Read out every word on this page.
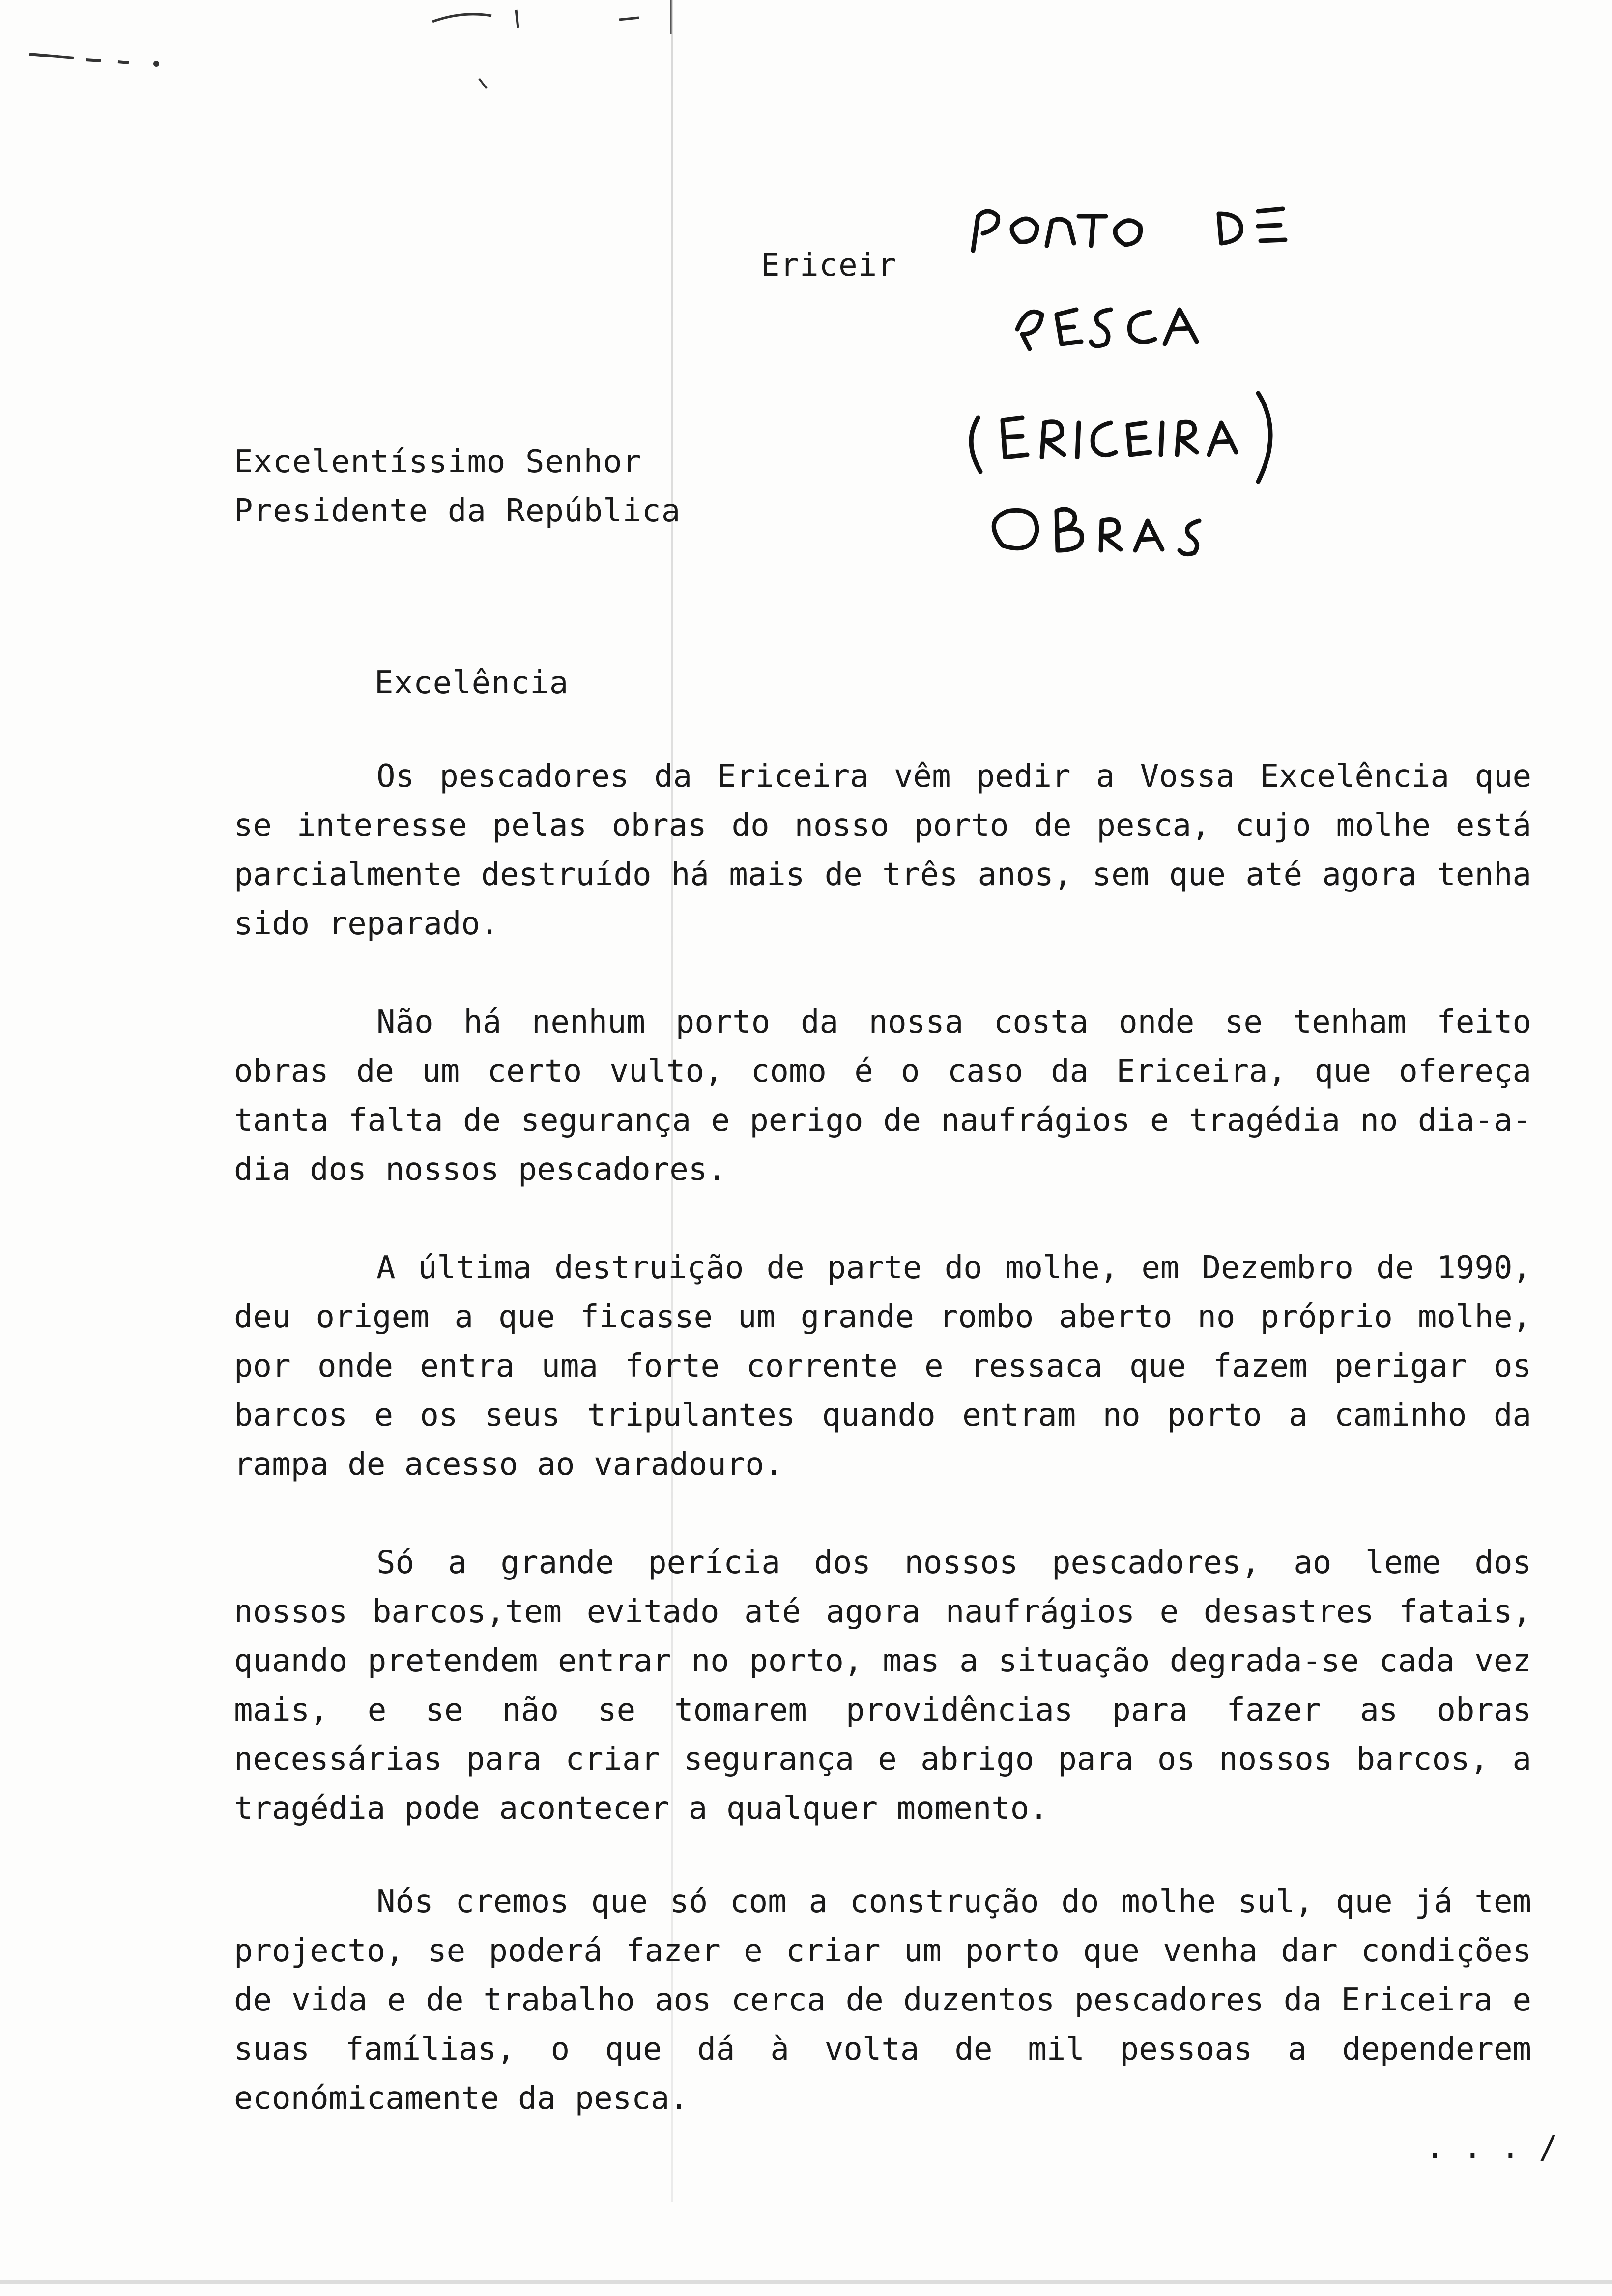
Ericeir
Excelentíssimo Senhor
Presidente da República
Excelência
Os pescadores da Ericeira vêm pedir a Vossa Excelência que se interesse pelas obras do nosso porto de pesca, cujo molhe está parcialmente destruído há mais de três anos, sem que até agora tenha sido reparado.
Não há nenhum porto da nossa costa onde se tenham feito obras de um certo vulto, como é o caso da Ericeira, que ofereça tanta falta de segurança e perigo de naufrágios e tragédia no dia-a-dia dos nossos pescadores.
A última destruição de parte do molhe, em Dezembro de 1990, deu origem a que ficasse um grande rombo aberto no próprio molhe, por onde entra uma forte corrente e ressaca que fazem perigar os barcos e os seus tripulantes quando entram no porto a caminho da rampa de acesso ao varadouro.
Só a grande perícia dos nossos pescadores, ao leme dos nossos barcos,tem evitado até agora naufrágios e desastres fatais, quando pretendem entrar no porto, mas a situação degrada-se cada vez mais, e se não se tomarem providências para fazer as obras necessárias para criar segurança e abrigo para os nossos barcos, a tragédia pode acontecer a qualquer momento.
Nós cremos que só com a construção do molhe sul, que já tem projecto, se poderá fazer e criar um porto que venha dar condições de vida e de trabalho aos cerca de duzentos pescadores da Ericeira e suas famílias, o que dá à volta de mil pessoas a dependerem económicamente da pesca.
. . . /
PORTO DE
